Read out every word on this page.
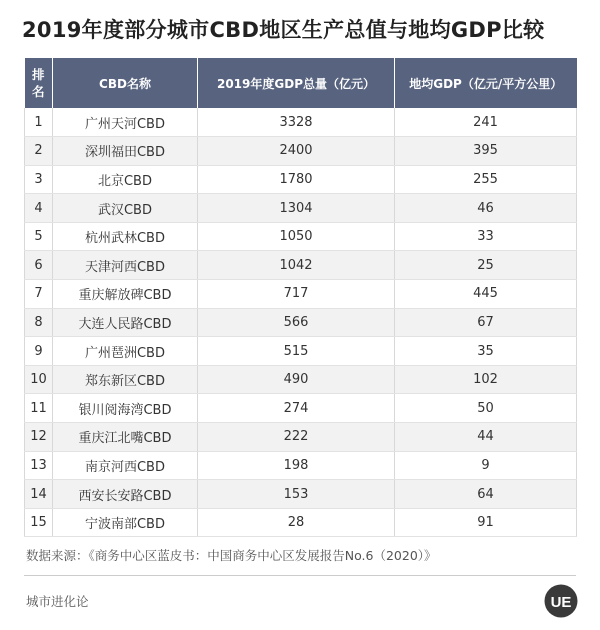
2019年度部分城市CBD地区生产总值与地均GDP比较
排
名	CBD名称	2019年度GDP总量（亿元）	地均GDP（亿元/平方公里）
1	广州天河CBD	3328	241
2	深圳福田CBD	2400	395
3	北京CBD	1780	255
4	武汉CBD	1304	46
5	杭州武林CBD	1050	33
6	天津河西CBD	1042	25
7	重庆解放碑CBD	717	445
8	大连人民路CBD	566	67
9	广州琶洲CBD	515	35
10	郑东新区CBD	490	102
11	银川阅海湾CBD	274	50
12	重庆江北嘴CBD	222	44
13	南京河西CBD	198	9
14	西安长安路CBD	153	64
15	宁波南部CBD	28	91
数据来源：《商务中心区蓝皮书：中国商务中心区发展报告No.6（2020）》
城市进化论	UE
